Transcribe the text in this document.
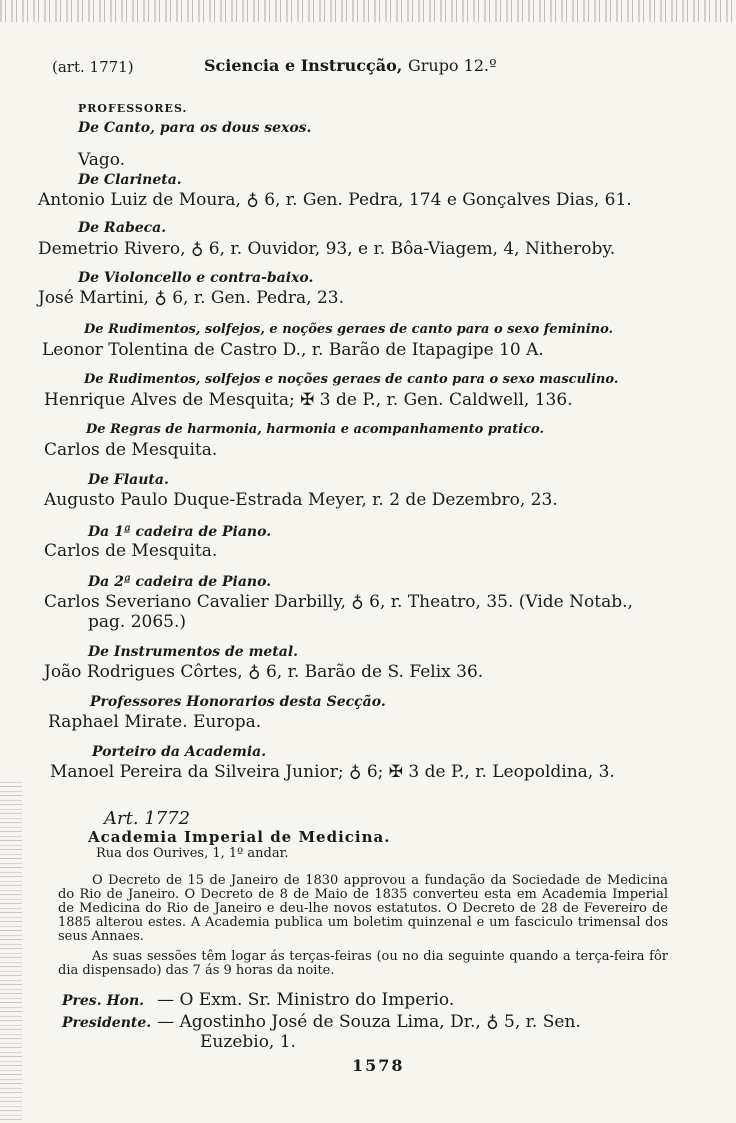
(art. 1771)	Sciencia e Instrucção, Grupo 12.º
PROFESSORES.
De Canto, para os dous sexos.
Vago.
De Clarineta.
Antonio Luiz de Moura, ♁ 6, r. Gen. Pedra, 174 e Gonçalves Dias, 61.
De Rabeca.
Demetrio Rivero, ♁ 6, r. Ouvidor, 93, e r. Bôa-Viagem, 4, Nitheroby.
De Violoncello e contra-baixo.
José Martini, ♁ 6, r. Gen. Pedra, 23.
De Rudimentos, solfejos, e noções geraes de canto para o sexo feminino.
Leonor Tolentina de Castro D., r. Barão de Itapagipe 10 A.
De Rudimentos, solfejos e noções geraes de canto para o sexo masculino.
Henrique Alves de Mesquita; ✠ 3 de P., r. Gen. Caldwell, 136.
De Regras de harmonia, harmonia e acompanhamento pratico.
Carlos de Mesquita.
De Flauta.
Augusto Paulo Duque-Estrada Meyer, r. 2 de Dezembro, 23.
Da 1ª cadeira de Piano.
Carlos de Mesquita.
Da 2ª cadeira de Piano.
Carlos Severiano Cavalier Darbilly, ♁ 6, r. Theatro, 35. (Vide Notab.,
pag. 2065.)
De Instrumentos de metal.
João Rodrigues Côrtes, ♁ 6, r. Barão de S. Felix 36.
Professores Honorarios desta Secção.
Raphael Mirate. Europa.
Porteiro da Academia.
Manoel Pereira da Silveira Junior; ♁ 6; ✠ 3 de P., r. Leopoldina, 3.
Art. 1772
Academia Imperial de Medicina.
Rua dos Ourives, 1, 1º andar.
O Decreto de 15 de Janeiro de 1830 approvou a fundação da Sociedade de Medicina do Rio de Janeiro. O Decreto de 8 de Maio de 1835 converteu esta em Academia Imperial de Medicina do Rio de Janeiro e deu-lhe novos estatutos. O Decreto de 28 de Fevereiro de 1885 alterou estes. A Academia publica um boletim quinzenal e um fasciculo trimensal dos seus Annaes.
As suas sessões têm logar ás terças-feiras (ou no dia seguinte quando a terça-feira fôr dia dispensado) das 7 ás 9 horas da noite.
Pres. Hon. — O Exm. Sr. Ministro do Imperio.
Presidente. — Agostinho José de Souza Lima, Dr., ♁ 5, r. Sen.
Euzebio, 1.
1578
